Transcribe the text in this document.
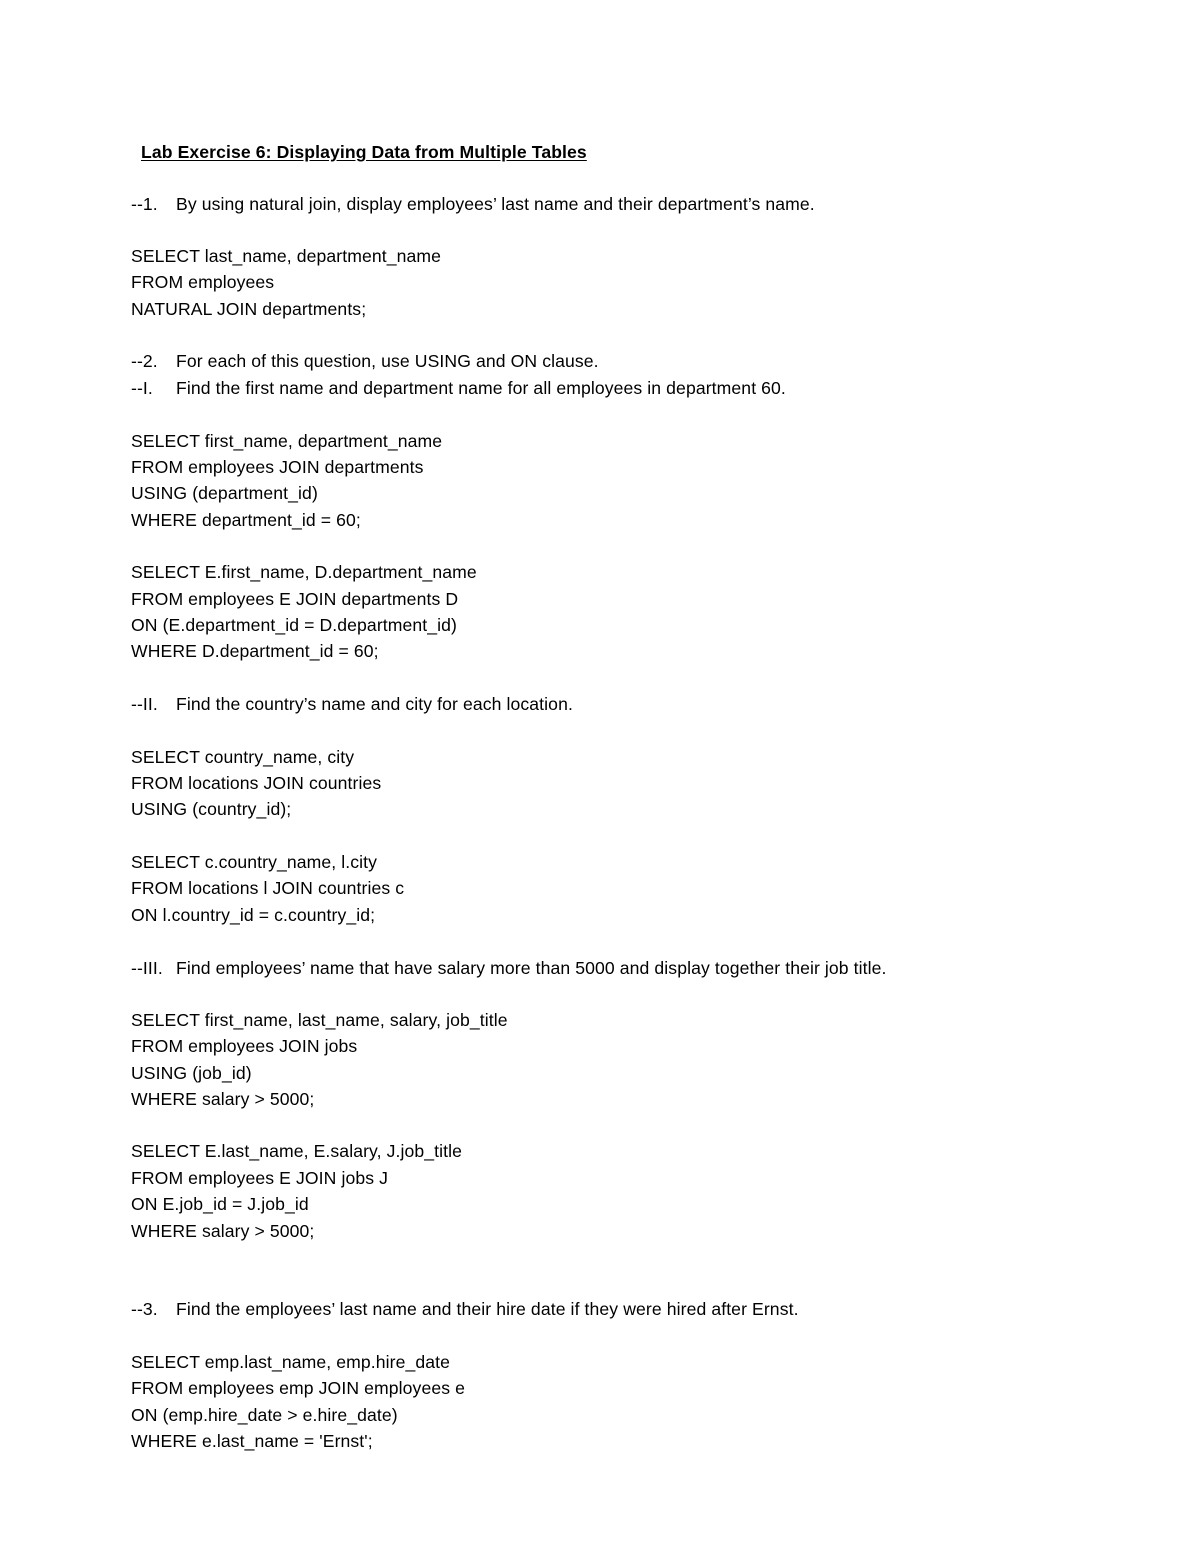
Lab Exercise 6: Displaying Data from Multiple Tables
--1. By using natural join, display employees’ last name and their department’s name.
SELECT last_name, department_name
FROM employees
NATURAL JOIN departments;
--2. For each of this question, use USING and ON clause.
--I. Find the first name and department name for all employees in department 60.
SELECT first_name, department_name
FROM employees JOIN departments
USING (department_id)
WHERE department_id = 60;
SELECT E.first_name, D.department_name
FROM employees E JOIN departments D
ON (E.department_id = D.department_id)
WHERE D.department_id = 60;
--II. Find the country’s name and city for each location.
SELECT country_name, city
FROM locations JOIN countries
USING (country_id);
SELECT c.country_name, l.city
FROM locations l JOIN countries c
ON l.country_id = c.country_id;
--III. Find employees’ name that have salary more than 5000 and display together their job title.
SELECT first_name, last_name, salary, job_title
FROM employees JOIN jobs
USING (job_id)
WHERE salary > 5000;
SELECT E.last_name, E.salary, J.job_title
FROM employees E JOIN jobs J
ON E.job_id = J.job_id
WHERE salary > 5000;
--3. Find the employees’ last name and their hire date if they were hired after Ernst.
SELECT emp.last_name, emp.hire_date
FROM employees emp JOIN employees e
ON (emp.hire_date > e.hire_date)
WHERE e.last_name = 'Ernst';
